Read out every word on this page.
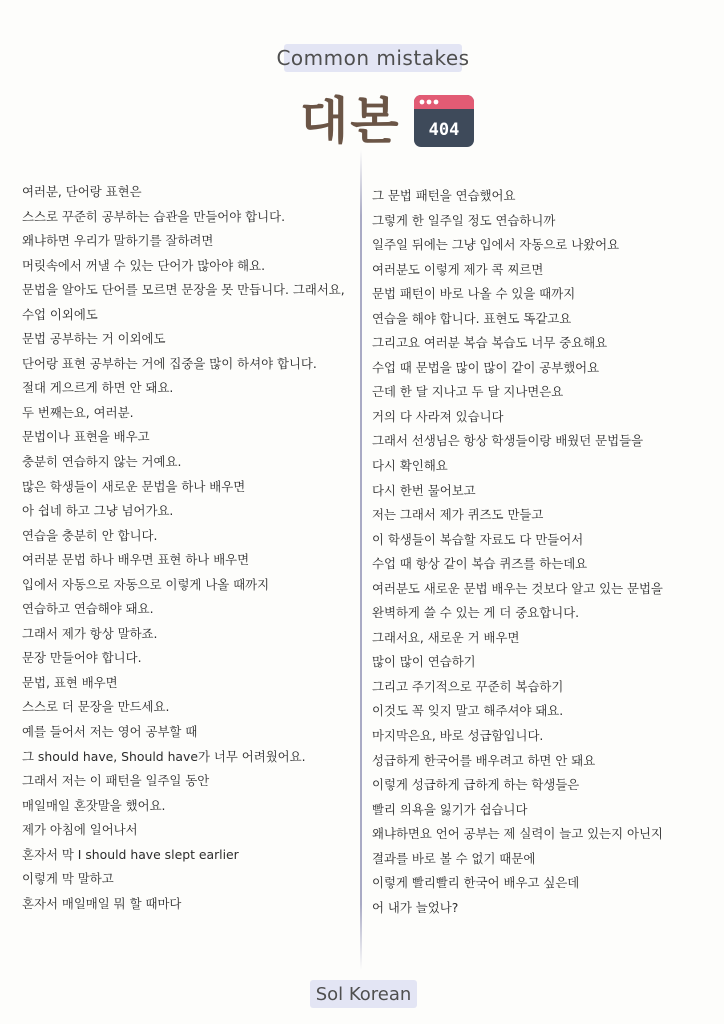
Common mistakes
대본 404
여러분, 단어랑 표현은
스스로 꾸준히 공부하는 습관을 만들어야 합니다.
왜냐하면 우리가 말하기를 잘하려면
머릿속에서 꺼낼 수 있는 단어가 많아야 해요.
문법을 알아도 단어를 모르면 문장을 못 만듭니다. 그래서요,
수업 이외에도
문법 공부하는 거 이외에도
단어랑 표현 공부하는 거에 집중을 많이 하셔야 합니다.
절대 게으르게 하면 안 돼요.
두 번째는요, 여러분.
문법이나 표현을 배우고
충분히 연습하지 않는 거예요.
많은 학생들이 새로운 문법을 하나 배우면
아 쉽네 하고 그냥 넘어가요.
연습을 충분히 안 합니다.
여러분 문법 하나 배우면 표현 하나 배우면
입에서 자동으로 자동으로 이렇게 나올 때까지
연습하고 연습해야 돼요.
그래서 제가 항상 말하죠.
문장 만들어야 합니다.
문법, 표현 배우면
스스로 더 문장을 만드세요.
예를 들어서 저는 영어 공부할 때
그 should have, Should have가 너무 어려웠어요.
그래서 저는 이 패턴을 일주일 동안
매일매일 혼잣말을 했어요.
제가 아침에 일어나서
혼자서 막 I should have slept earlier
이렇게 막 말하고
혼자서 매일매일 뭐 할 때마다
그 문법 패턴을 연습했어요
그렇게 한 일주일 정도 연습하니까
일주일 뒤에는 그냥 입에서 자동으로 나왔어요
여러분도 이렇게 제가 콕 찌르면
문법 패턴이 바로 나올 수 있을 때까지
연습을 해야 합니다. 표현도 똑같고요
그리고요 여러분 복습 복습도 너무 중요해요
수업 때 문법을 많이 많이 같이 공부했어요
근데 한 달 지나고 두 달 지나면은요
거의 다 사라져 있습니다
그래서 선생님은 항상 학생들이랑 배웠던 문법들을
다시 확인해요
다시 한번 물어보고
저는 그래서 제가 퀴즈도 만들고
이 학생들이 복습할 자료도 다 만들어서
수업 때 항상 같이 복습 퀴즈를 하는데요
여러분도 새로운 문법 배우는 것보다 알고 있는 문법을
완벽하게 쓸 수 있는 게 더 중요합니다.
그래서요, 새로운 거 배우면
많이 많이 연습하기
그리고 주기적으로 꾸준히 복습하기
이것도 꼭 잊지 말고 해주셔야 돼요.
마지막은요, 바로 성급함입니다.
성급하게 한국어를 배우려고 하면 안 돼요
이렇게 성급하게 급하게 하는 학생들은
빨리 의욕을 잃기가 쉽습니다
왜냐하면요 언어 공부는 제 실력이 늘고 있는지 아닌지
결과를 바로 볼 수 없기 때문에
이렇게 빨리빨리 한국어 배우고 싶은데
어 내가 늘었나?
Sol Korean
